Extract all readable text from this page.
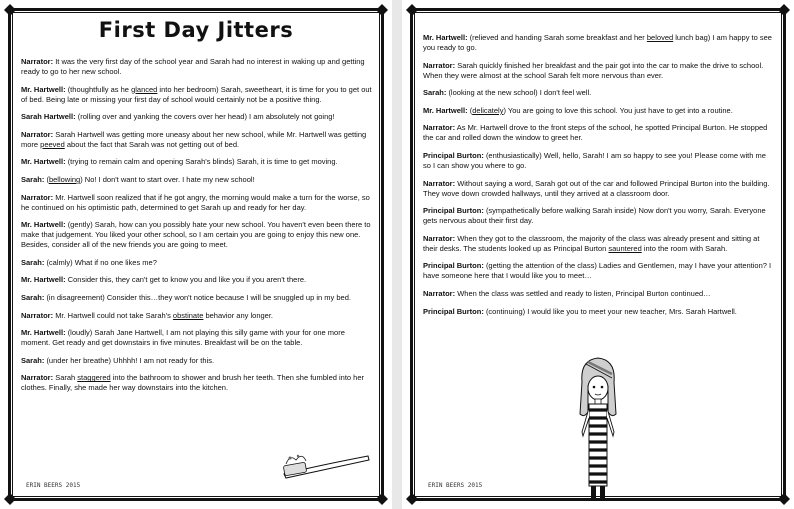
First Day Jitters

Narrator: It was the very first day of the school year and Sarah had no interest in waking up and getting ready to go to her new school.

Mr. Hartwell: (thoughtfully as he glanced into her bedroom) Sarah, sweetheart, it is time for you to get out of bed. Being late or missing your first day of school would certainly not be a positive thing.

Sarah Hartwell: (rolling over and yanking the covers over her head) I am absolutely not going!

Narrator: Sarah Hartwell was getting more uneasy about her new school, while Mr. Hartwell was getting more peeved about the fact that Sarah was not getting out of bed.

Mr. Hartwell: (trying to remain calm and opening Sarah's blinds) Sarah, it is time to get moving.

Sarah: (bellowing) No! I don't want to start over. I hate my new school!

Narrator: Mr. Hartwell soon realized that if he got angry, the morning would make a turn for the worse, so he continued on his optimistic path, determined to get Sarah up and ready for her day.

Mr. Hartwell: (gently) Sarah, how can you possibly hate your new school. You haven't even been there to make that judgement. You liked your other school, so I am certain you are going to enjoy this new one. Besides, consider all of the new friends you are going to meet.

Sarah: (calmly) What if no one likes me?

Mr. Hartwell: Consider this, they can't get to know you and like you if you aren't there.

Sarah: (in disagreement) Consider this…they won't notice because I will be snuggled up in my bed.

Narrator: Mr. Hartwell could not take Sarah's obstinate behavior any longer.

Mr. Hartwell: (loudly) Sarah Jane Hartwell, I am not playing this silly game with your for one more moment. Get ready and get downstairs in five minutes. Breakfast will be on the table.

Sarah: (under her breathe) Uhhhh! I am not ready for this.

Narrator: Sarah staggered into the bathroom to shower and brush her teeth. Then she fumbled into her clothes. Finally, she made her way downstairs into the kitchen.

ERIN BEERS 2015

Mr. Hartwell: (relieved and handing Sarah some breakfast and her beloved lunch bag) I am happy to see you ready to go.

Narrator: Sarah quickly finished her breakfast and the pair got into the car to make the drive to school. When they were almost at the school Sarah felt more nervous than ever.

Sarah: (looking at the new school) I don't feel well.

Mr. Hartwell: (delicately) You are going to love this school. You just have to get into a routine.

Narrator: As Mr. Hartwell drove to the front steps of the school, he spotted Principal Burton. He stopped the car and rolled down the window to greet her.

Principal Burton: (enthusiastically) Well, hello, Sarah! I am so happy to see you! Please come with me so I can show you where to go.

Narrator: Without saying a word, Sarah got out of the car and followed Principal Burton into the building. They wove down crowded hallways, until they arrived at a classroom door.

Principal Burton: (sympathetically before walking Sarah inside) Now don't you worry, Sarah. Everyone gets nervous about their first day.

Narrator: When they got to the classroom, the majority of the class was already present and sitting at their desks. The students looked up as Principal Burton sauntered into the room with Sarah.

Principal Burton: (getting the attention of the class) Ladies and Gentlemen, may I have your attention? I have someone here that I would like you to meet…

Narrator: When the class was settled and ready to listen, Principal Burton continued…

Principal Burton: (continuing) I would like you to meet your new teacher, Mrs. Sarah Hartwell.

ERIN BEERS 2015
